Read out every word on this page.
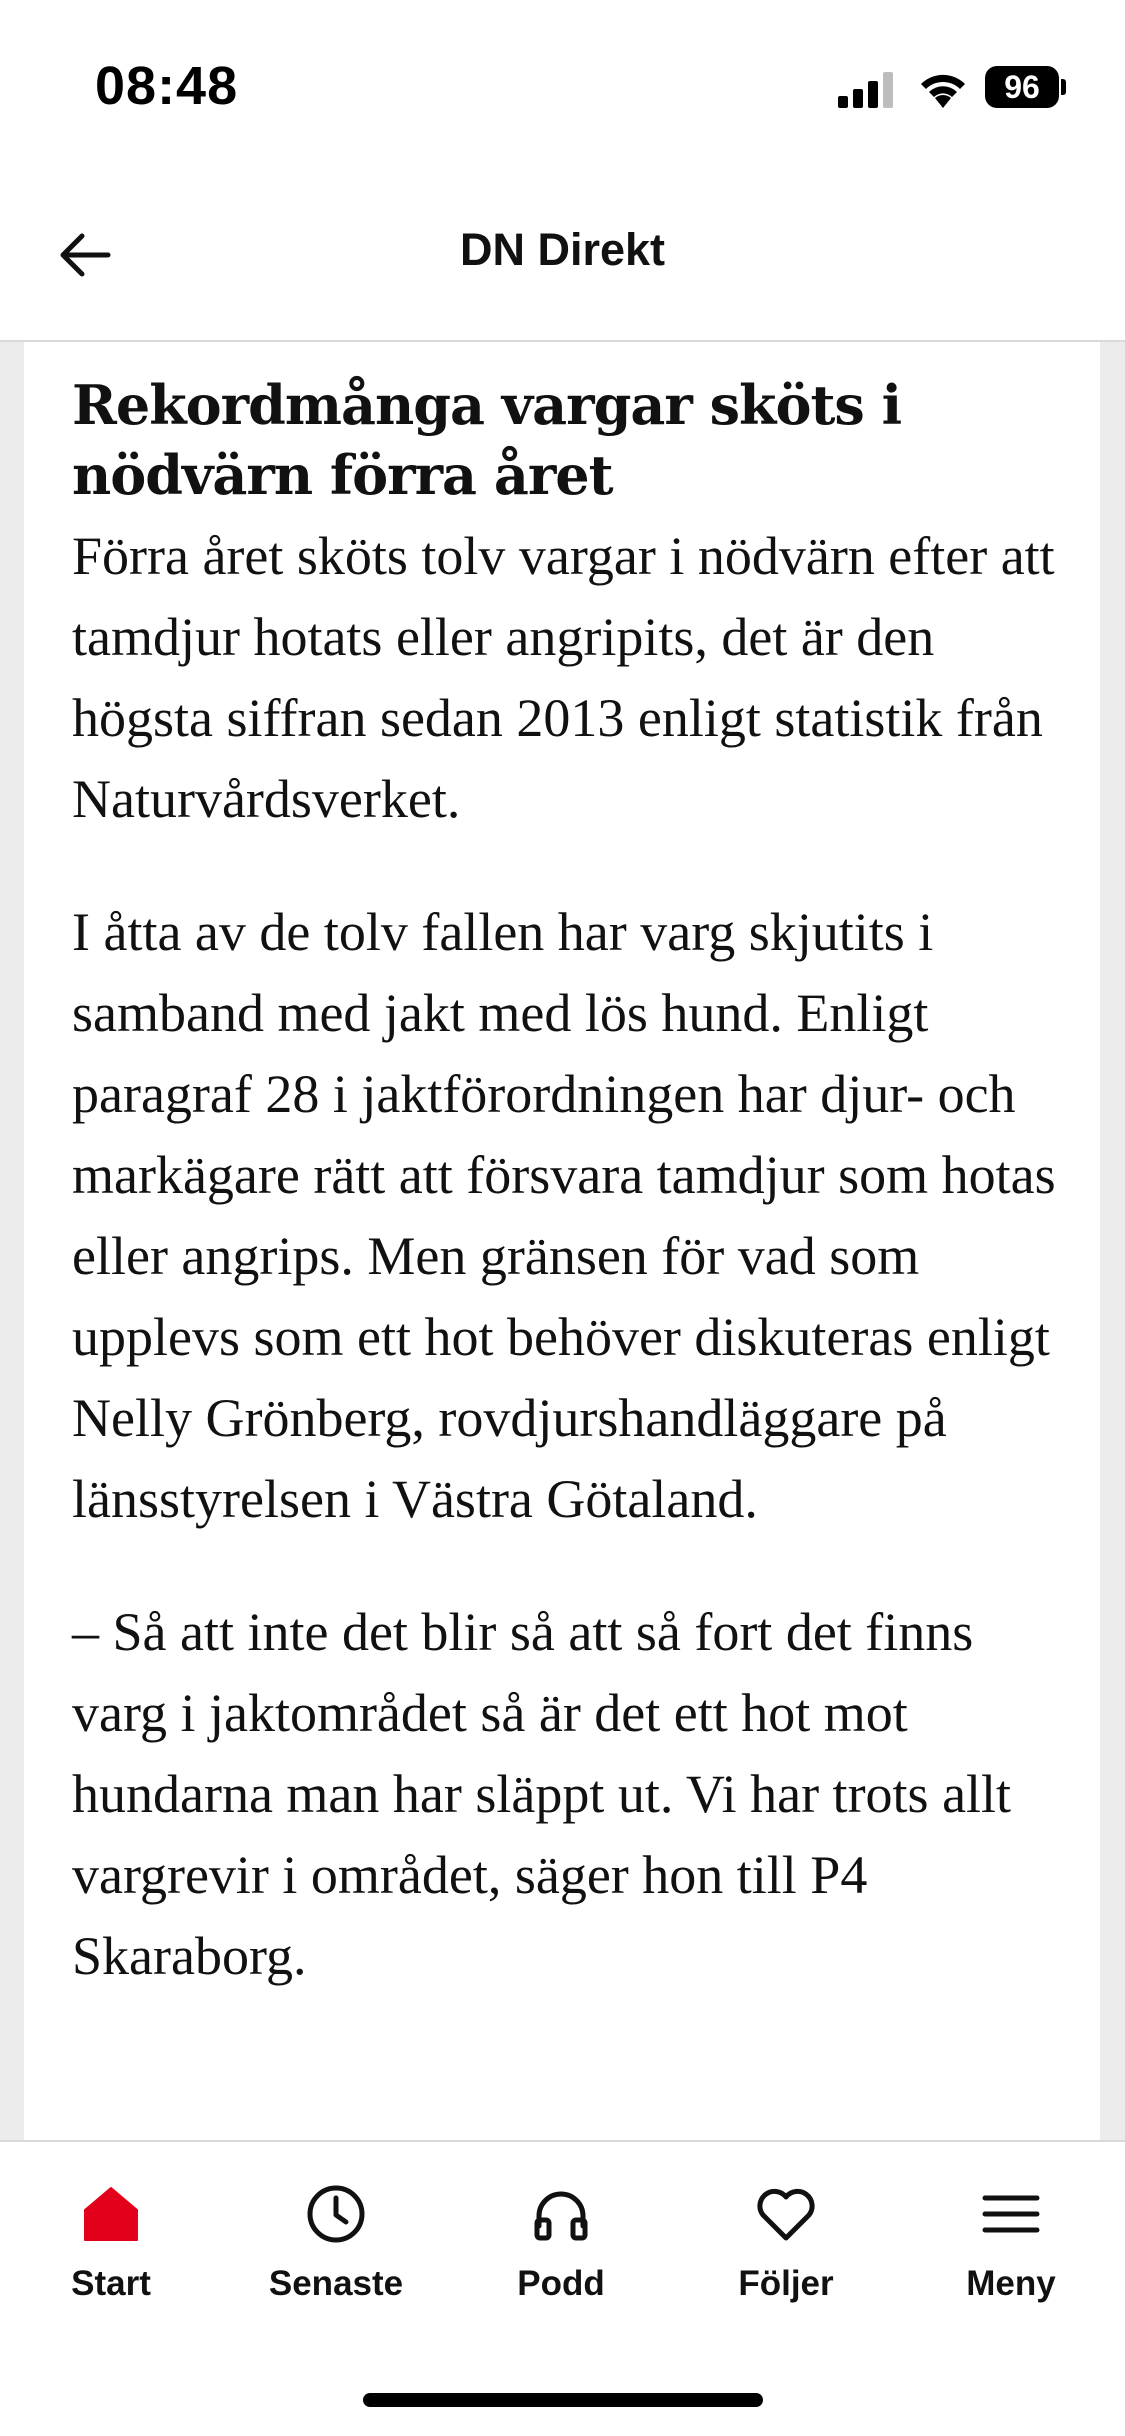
08:48	96
DN Direkt
Rekordmånga vargar sköts i nödvärn förra året

Förra året sköts tolv vargar i nödvärn efter att tamdjur hotats eller angripits, det är den högsta siffran sedan 2013 enligt statistik från Naturvårdsverket.

I åtta av de tolv fallen har varg skjutits i samband med jakt med lös hund. Enligt paragraf 28 i jaktförordningen har djur- och markägare rätt att försvara tamdjur som hotas eller angrips. Men gränsen för vad som upplevs som ett hot behöver diskuteras enligt Nelly Grönberg, rovdjurshandläggare på länsstyrelsen i Västra Götaland.

– Så att inte det blir så att så fort det finns varg i jaktområdet så är det ett hot mot hundarna man har släppt ut. Vi har trots allt vargrevir i området, säger hon till P4 Skaraborg.

Start	Senaste	Podd	Följer	Meny
